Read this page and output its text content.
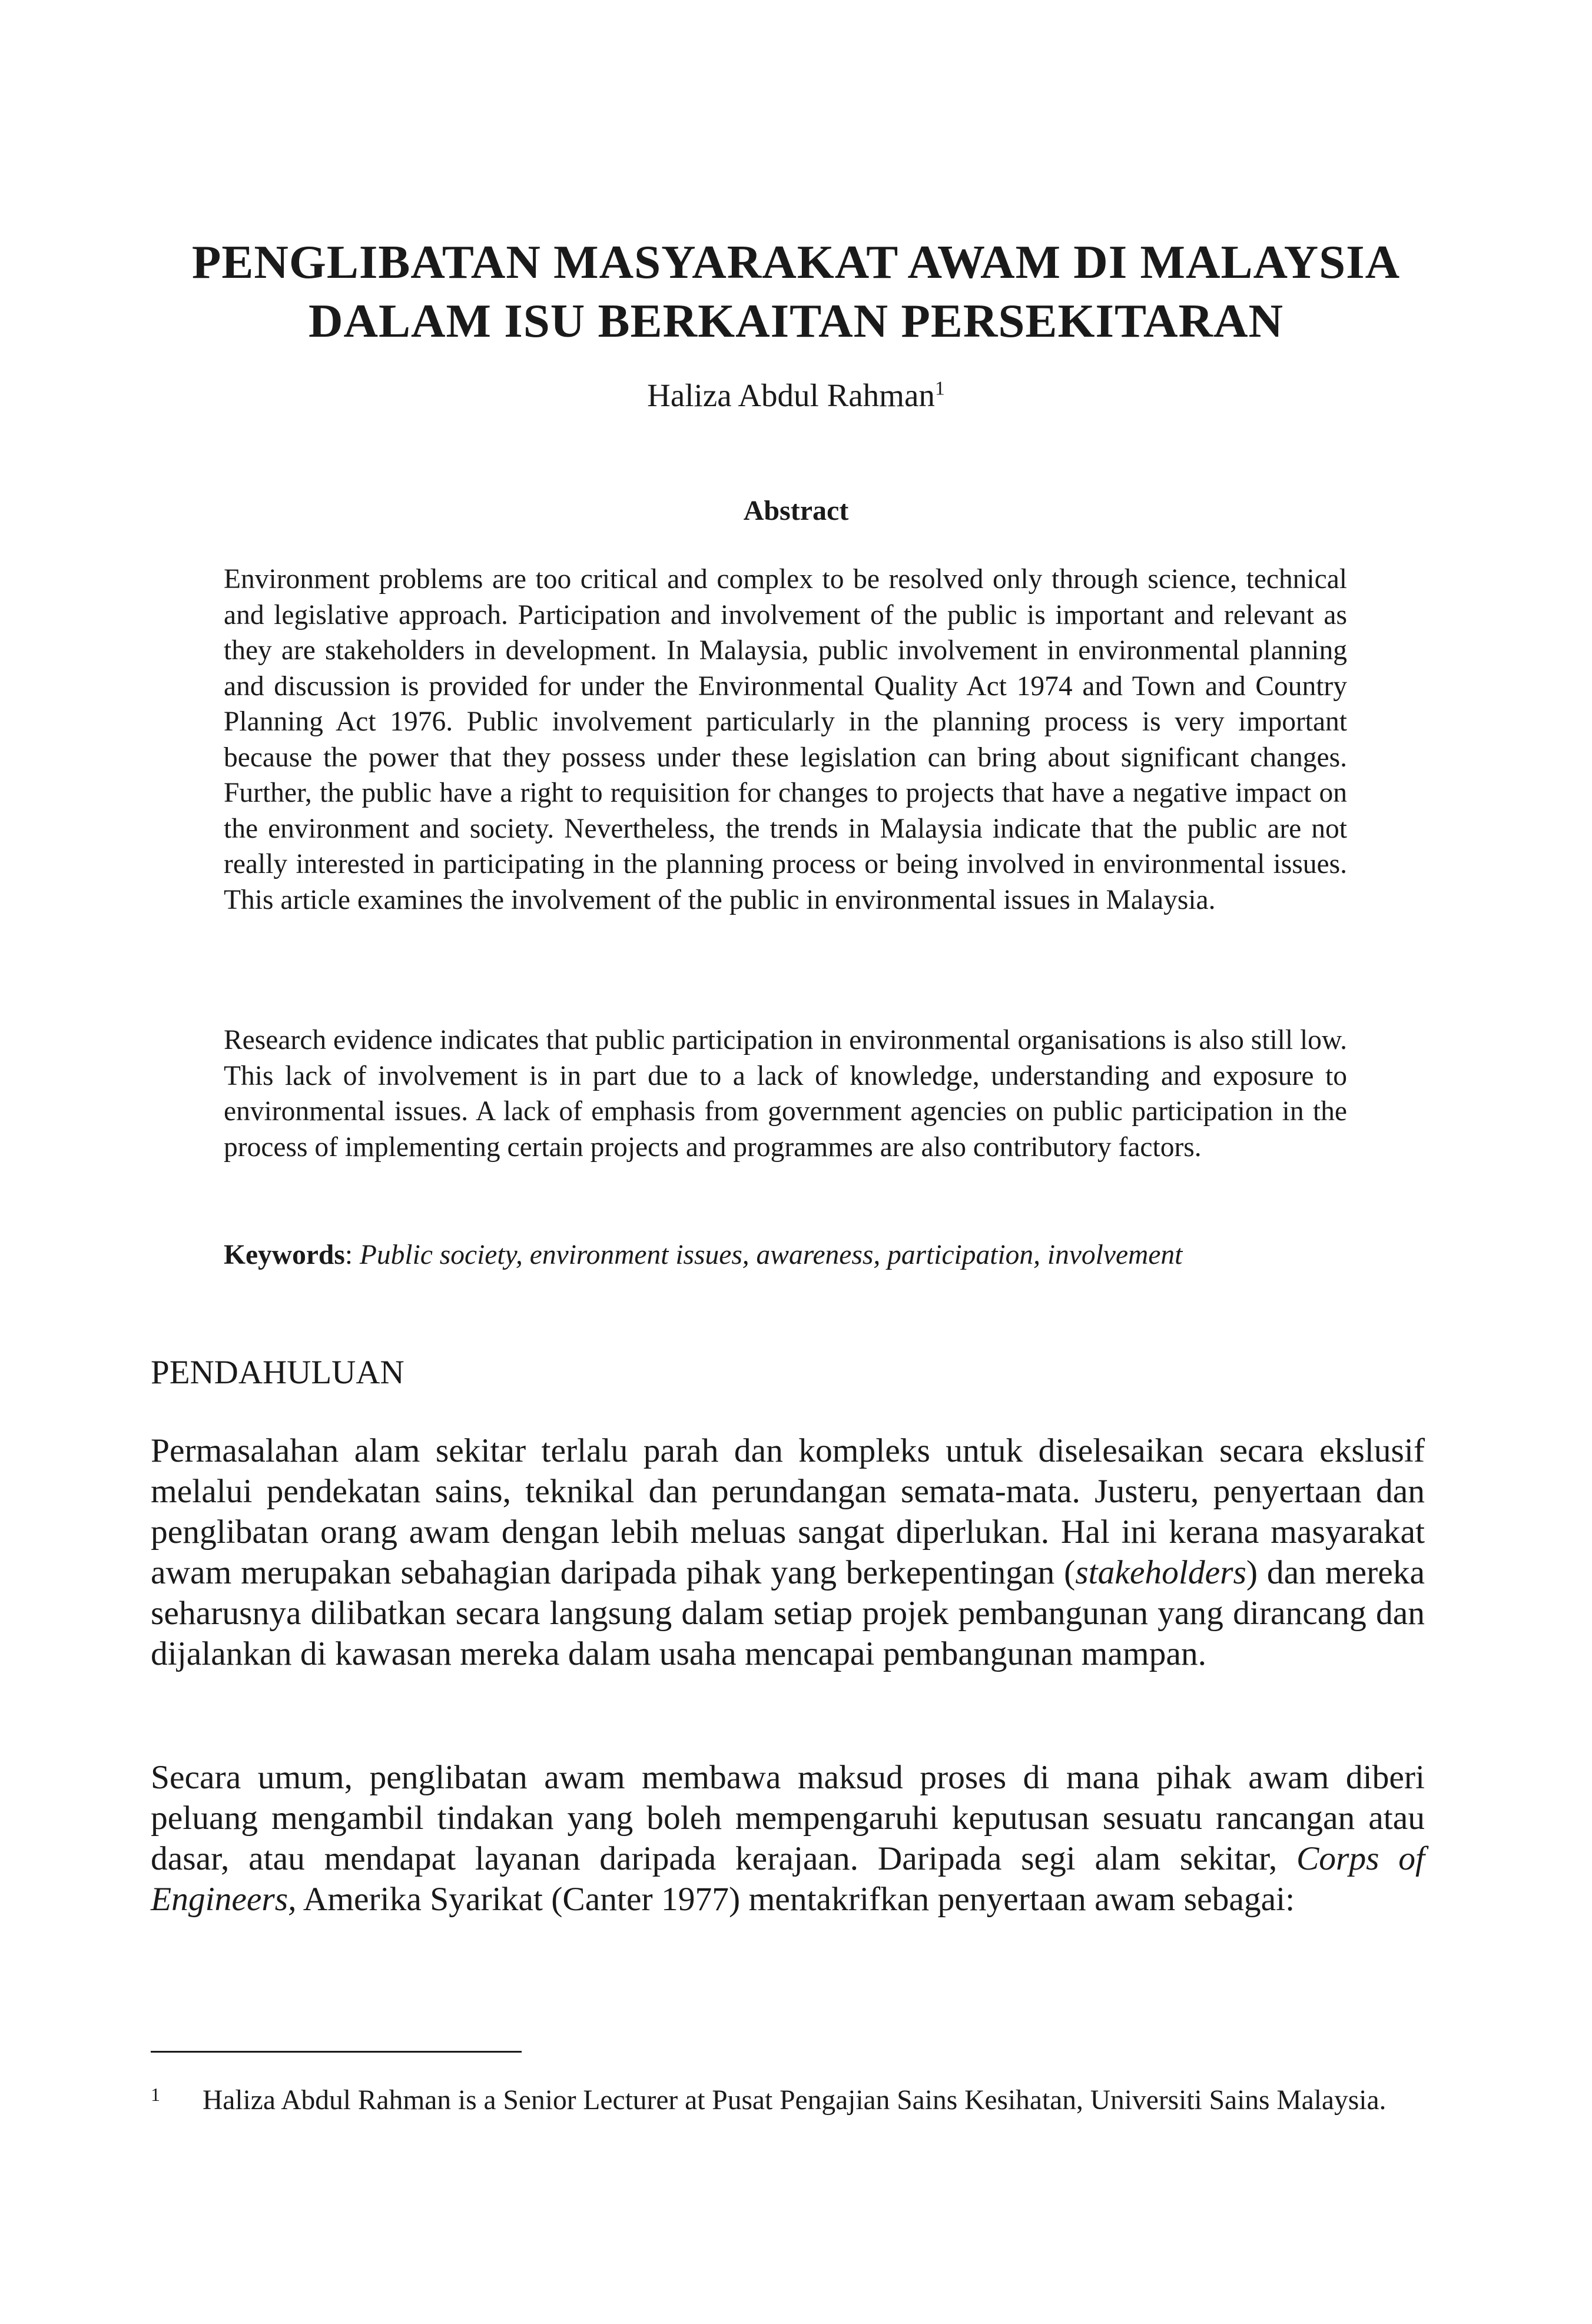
PENGLIBATAN MASYARAKAT AWAM DI MALAYSIA
DALAM ISU BERKAITAN PERSEKITARAN
Haliza Abdul Rahman$^1$
Abstract

Environment problems are too critical and complex to be resolved only through science, technical and legislative approach. Participation and involvement of the public is important and relevant as they are stakeholders in development. In Malaysia, public involvement in environmental planning and discussion is provided for under the Environmental Quality Act 1974 and Town and Country Planning Act 1976. Public involvement particularly in the planning process is very important because the power that they possess under these legislation can bring about significant changes. Further, the public have a right to requisition for changes to projects that have a negative impact on the environment and society. Nevertheless, the trends in Malaysia indicate that the public are not really interested in participating in the planning process or being involved in environmental issues. This article examines the involvement of the public in environmental issues in Malaysia.

Research evidence indicates that public participation in environmental organisations is also still low. This lack of involvement is in part due to a lack of knowledge, understanding and exposure to environmental issues. A lack of emphasis from government agencies on public participation in the process of implementing certain projects and programmes are also contributory factors.

Keywords: Public society, environment issues, awareness, participation, involvement
PENDAHULUAN

Permasalahan alam sekitar terlalu parah dan kompleks untuk diselesaikan secara ekslusif melalui pendekatan sains, teknikal dan perundangan semata-mata. Justeru, penyertaan dan penglibatan orang awam dengan lebih meluas sangat diperlukan. Hal ini kerana masyarakat awam merupakan sebahagian daripada pihak yang berkepentingan (stakeholders) dan mereka seharusnya dilibatkan secara langsung dalam setiap projek pembangunan yang dirancang dan dijalankan di kawasan mereka dalam usaha mencapai pembangunan mampan.

Secara umum, penglibatan awam membawa maksud proses di mana pihak awam diberi peluang mengambil tindakan yang boleh mempengaruhi keputusan sesuatu rancangan atau dasar, atau mendapat layanan daripada kerajaan. Daripada segi alam sekitar, Corps of Engineers, Amerika Syarikat (Canter 1977) mentakrifkan penyertaan awam sebagai:

1 Haliza Abdul Rahman is a Senior Lecturer at Pusat Pengajian Sains Kesihatan, Universiti Sains Malaysia.
